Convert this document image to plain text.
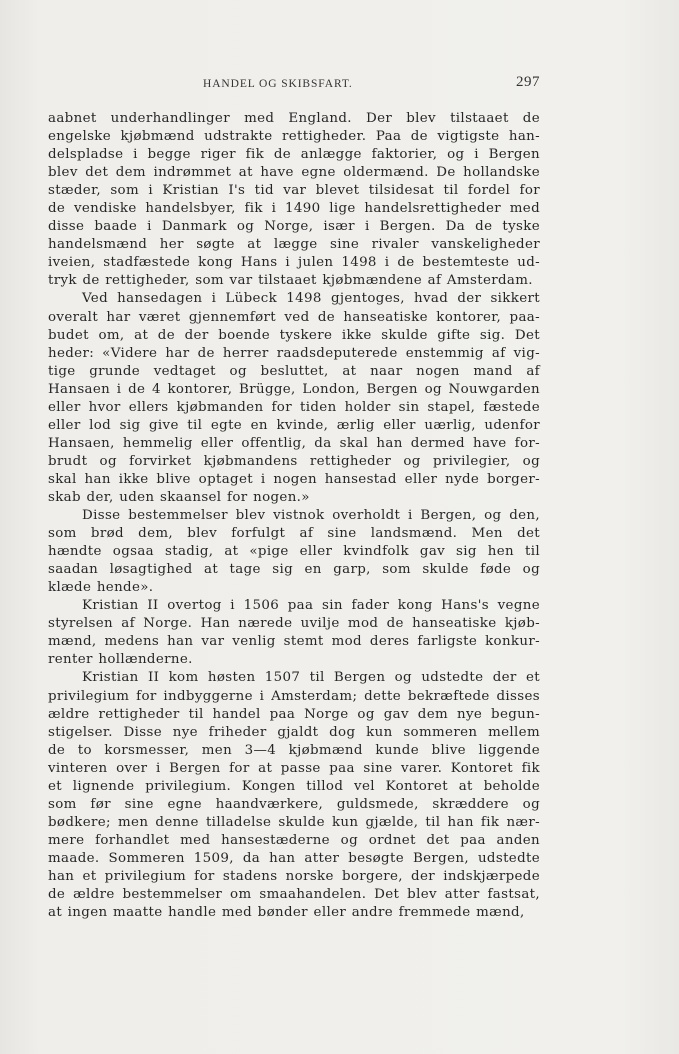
HANDEL OG SKIBSFART.	297
aabnet underhandlinger med England. Der blev tilstaaet de
engelske kjøbmænd udstrakte rettigheder. Paa de vigtigste han-
delspladse i begge riger fik de anlægge faktorier, og i Bergen
blev det dem indrømmet at have egne oldermænd. De hollandske
stæder, som i Kristian I's tid var blevet tilsidesat til fordel for
de vendiske handelsbyer, fik i 1490 lige handelsrettigheder med
disse baade i Danmark og Norge, især i Bergen. Da de tyske
handelsmænd her søgte at lægge sine rivaler vanskeligheder
iveien, stadfæstede kong Hans i julen 1498 i de bestemteste ud-
tryk de rettigheder, som var tilstaaet kjøbmændene af Amsterdam.
Ved hansedagen i Lübeck 1498 gjentoges, hvad der sikkert
overalt har været gjennemført ved de hanseatiske kontorer, paa-
budet om, at de der boende tyskere ikke skulde gifte sig. Det
heder: «Videre har de herrer raadsdeputerede enstemmig af vig-
tige grunde vedtaget og besluttet, at naar nogen mand af
Hansaen i de 4 kontorer, Brügge, London, Bergen og Nouwgarden
eller hvor ellers kjøbmanden for tiden holder sin stapel, fæstede
eller lod sig give til egte en kvinde, ærlig eller uærlig, udenfor
Hansaen, hemmelig eller offentlig, da skal han dermed have for-
brudt og forvirket kjøbmandens rettigheder og privilegier, og
skal han ikke blive optaget i nogen hansestad eller nyde borger-
skab der, uden skaansel for nogen.»
Disse bestemmelser blev vistnok overholdt i Bergen, og den,
som brød dem, blev forfulgt af sine landsmænd. Men det
hændte ogsaa stadig, at «pige eller kvindfolk gav sig hen til
saadan løsagtighed at tage sig en garp, som skulde føde og
klæde hende».
Kristian II overtog i 1506 paa sin fader kong Hans's vegne
styrelsen af Norge. Han nærede uvilje mod de hanseatiske kjøb-
mænd, medens han var venlig stemt mod deres farligste konkur-
renter hollænderne.
Kristian II kom høsten 1507 til Bergen og udstedte der et
privilegium for indbyggerne i Amsterdam; dette bekræftede disses
ældre rettigheder til handel paa Norge og gav dem nye begun-
stigelser. Disse nye friheder gjaldt dog kun sommeren mellem
de to korsmesser, men 3—4 kjøbmænd kunde blive liggende
vinteren over i Bergen for at passe paa sine varer. Kontoret fik
et lignende privilegium. Kongen tillod vel Kontoret at beholde
som før sine egne haandværkere, guldsmede, skræddere og
bødkere; men denne tilladelse skulde kun gjælde, til han fik nær-
mere forhandlet med hansestæderne og ordnet det paa anden
maade. Sommeren 1509, da han atter besøgte Bergen, udstedte
han et privilegium for stadens norske borgere, der indskjærpede
de ældre bestemmelser om smaahandelen. Det blev atter fastsat,
at ingen maatte handle med bønder eller andre fremmede mænd,
